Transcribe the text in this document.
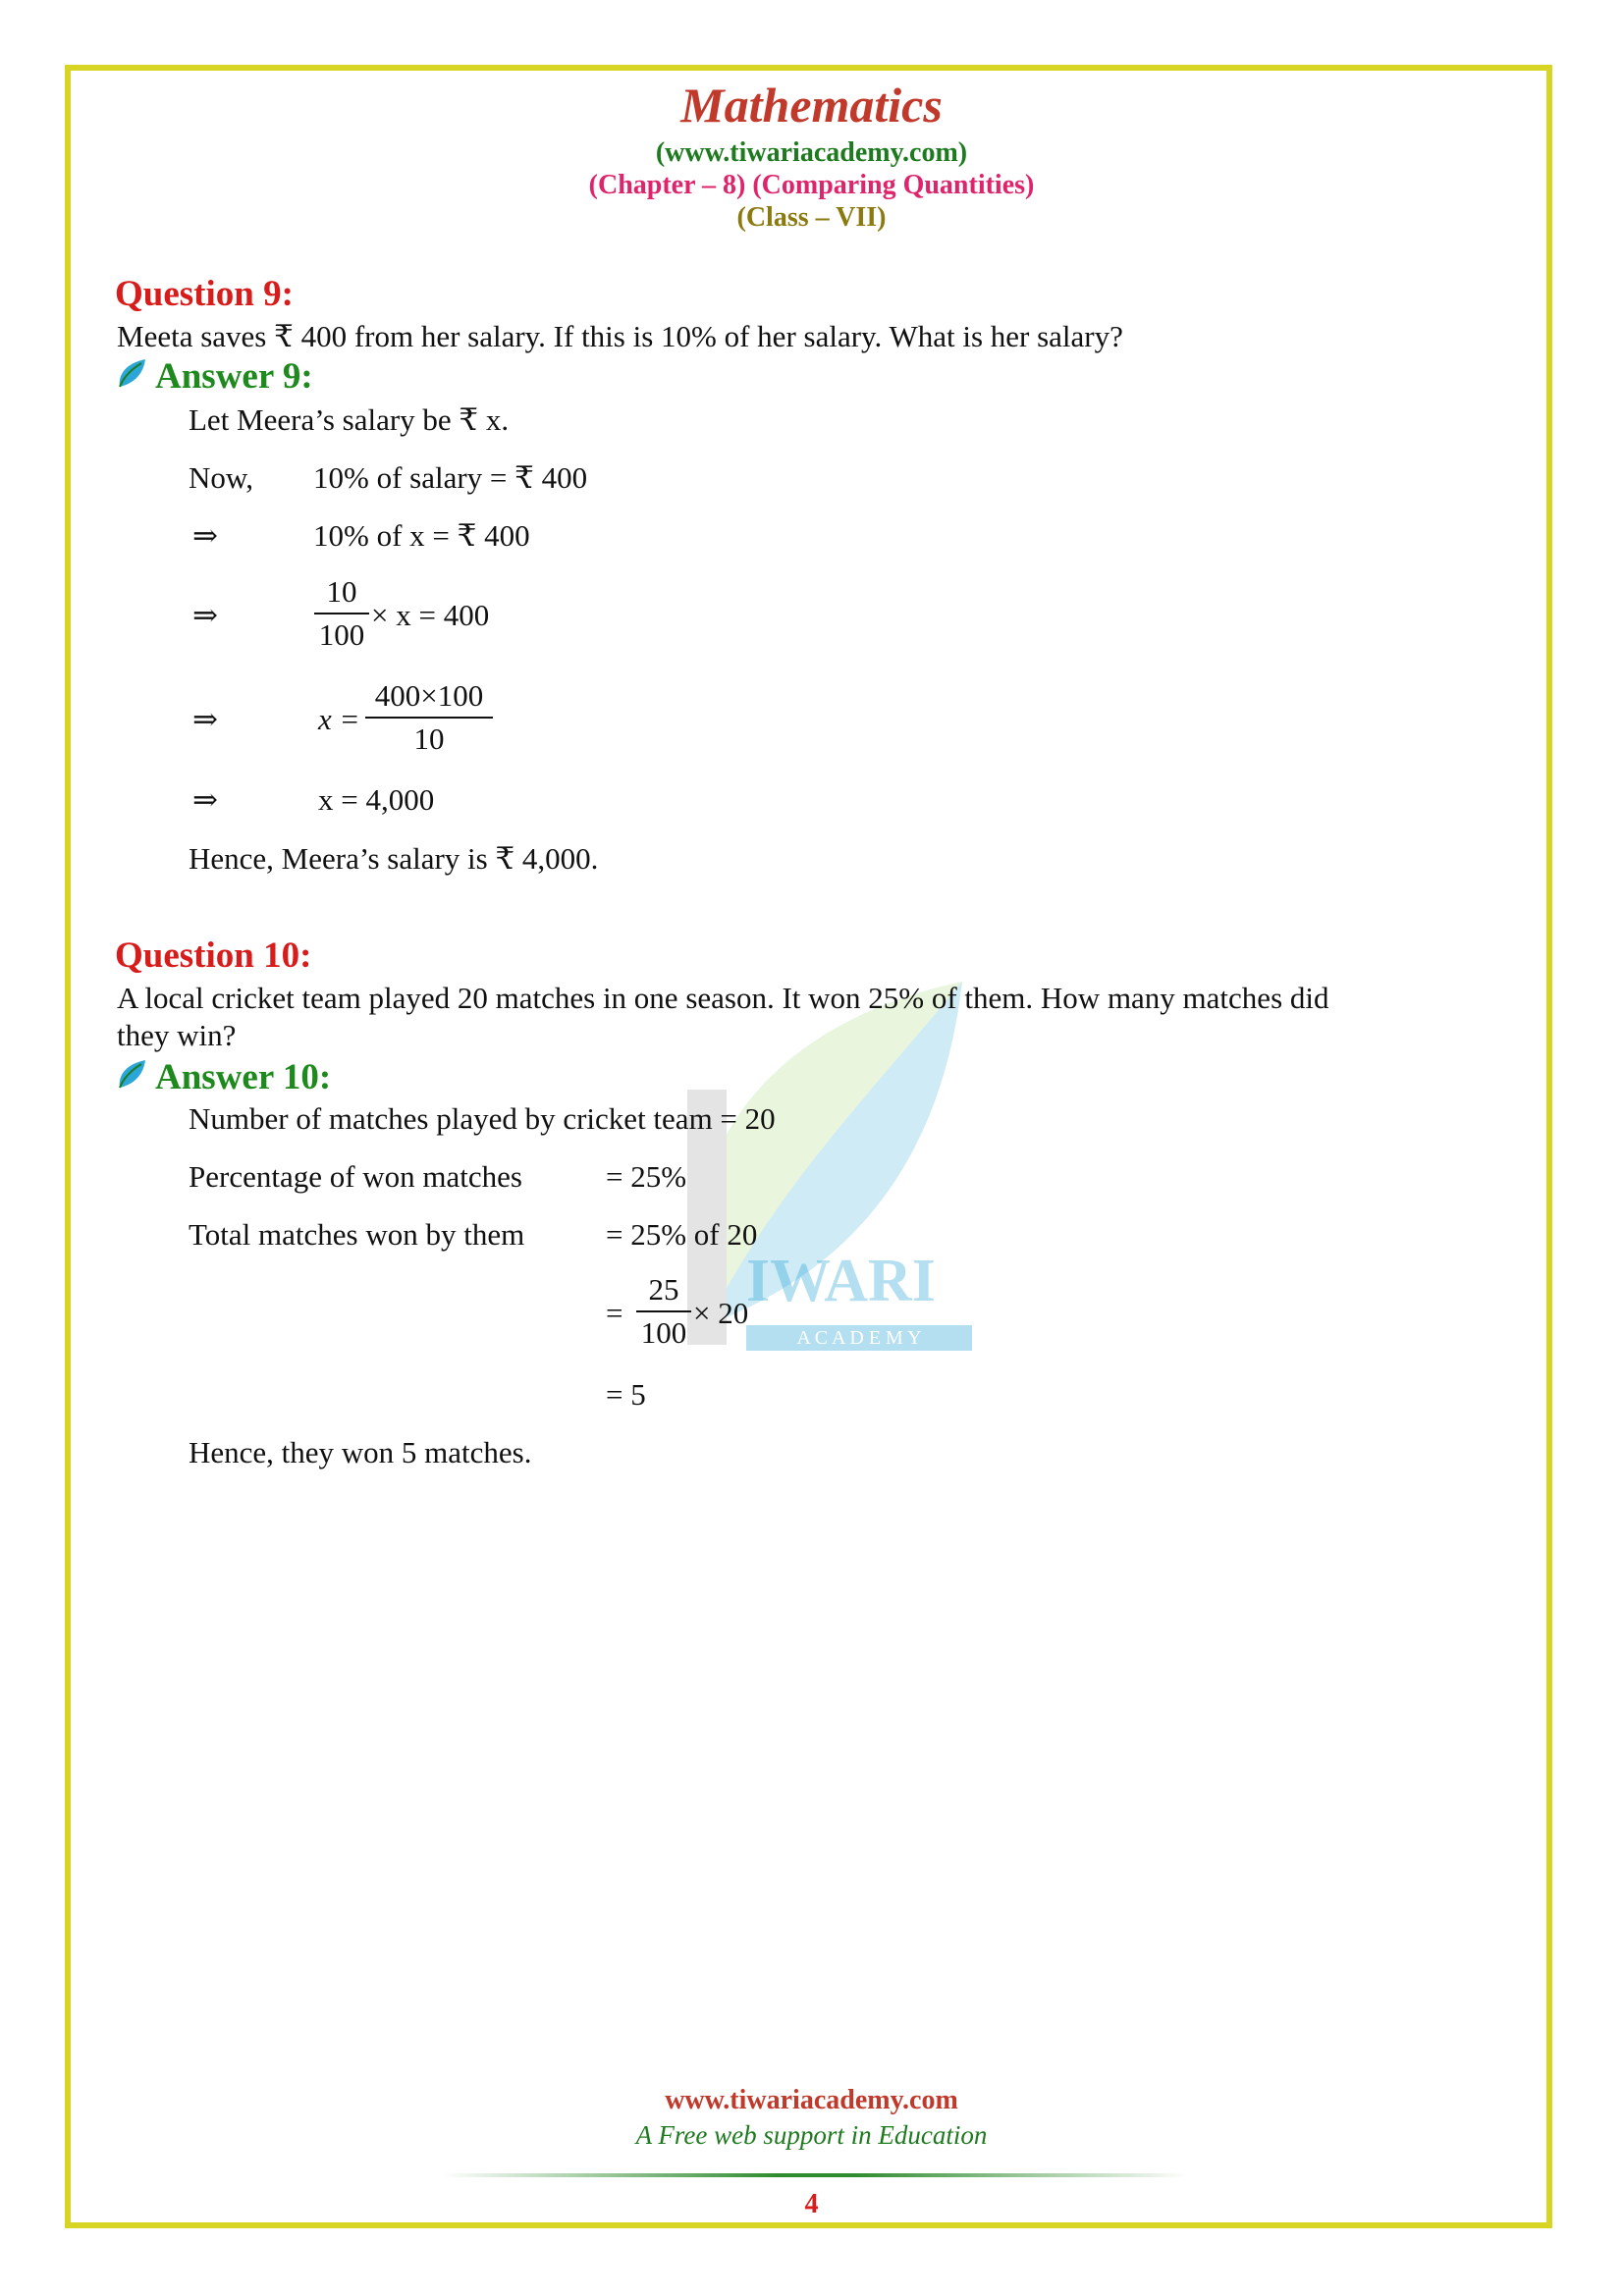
IWARI
A C A D E M Y
Mathematics
(www.tiwariacademy.com)
(Chapter – 8) (Comparing Quantities)
(Class – VII)
Question 9:
Meeta saves ₹ 400 from her salary. If this is 10% of her salary. What is her salary?
Answer 9:
Let Meera’s salary be ₹ x.
Now, 10% of salary = ₹ 400
⇒	10% of x = ₹ 400
⇒
10
100
× x = 400
⇒	x =
400×100
10
⇒	x = 4,000
Hence, Meera’s salary is ₹ 4,000.
Question 10:
A local cricket team played 20 matches in one season. It won 25% of them. How many matches did
they win?
Answer 10:
Number of matches played by cricket team = 20
Percentage of won matches	= 25%
Total matches won by them	= 25% of 20
=
25
100
× 20
= 5
Hence, they won 5 matches.
www.tiwariacademy.com
A Free web support in Education
4
